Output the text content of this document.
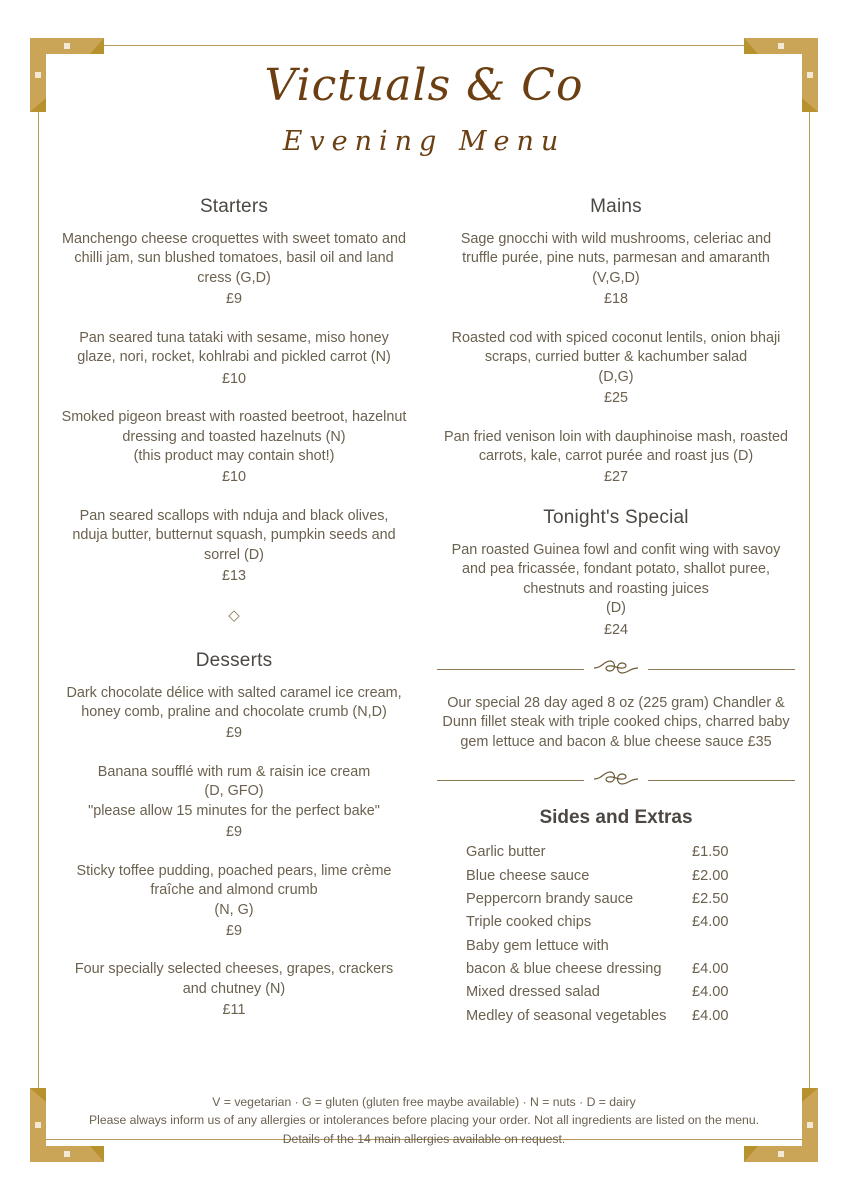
Victuals & Co
Evening Menu
Starters
Manchengo cheese croquettes with sweet tomato and chilli jam, sun blushed tomatoes, basil oil and land cress (G,D)
£9
Pan seared tuna tataki with sesame, miso honey glaze, nori, rocket, kohlrabi and pickled carrot (N)
£10
Smoked pigeon breast with roasted beetroot, hazelnut dressing and toasted hazelnuts (N)
(this product may contain shot!)
£10
Pan seared scallops with nduja and black olives, nduja butter, butternut squash, pumpkin seeds and sorrel (D)
£13
◇
Desserts
Dark chocolate délice with salted caramel ice cream, honey comb, praline and chocolate crumb (N,D)
£9
Banana soufflé with rum & raisin ice cream
(D, GFO)
"please allow 15 minutes for the perfect bake"
£9
Sticky toffee pudding, poached pears, lime crème fraîche and almond crumb
(N, G)
£9
Four specially selected cheeses, grapes, crackers and chutney (N)
£11
Mains
Sage gnocchi with wild mushrooms, celeriac and truffle purée, pine nuts, parmesan and amaranth (V,G,D)
£18
Roasted cod with spiced coconut lentils, onion bhaji scraps, curried butter & kachumber salad
(D,G)
£25
Pan fried venison loin with dauphinoise mash, roasted carrots, kale, carrot purée and roast jus (D)
£27
Tonight's Special
Pan roasted Guinea fowl and confit wing with savoy and pea fricassée, fondant potato, shallot puree, chestnuts and roasting juices
(D)
£24
Our special 28 day aged 8 oz (225 gram) Chandler & Dunn fillet steak with triple cooked chips, charred baby gem lettuce and bacon & blue cheese sauce £35
Sides and Extras
Garlic butter	£1.50
Blue cheese sauce	£2.00
Peppercorn brandy sauce	£2.50
Triple cooked chips	£4.00
Baby gem lettuce with
bacon & blue cheese dressing £4.00
Mixed dressed salad	£4.00
Medley of seasonal vegetables £4.00
V = vegetarian · G = gluten (gluten free maybe available) · N = nuts · D = dairy
Please always inform us of any allergies or intolerances before placing your order. Not all ingredients are listed on the menu.
Details of the 14 main allergies available on request.
